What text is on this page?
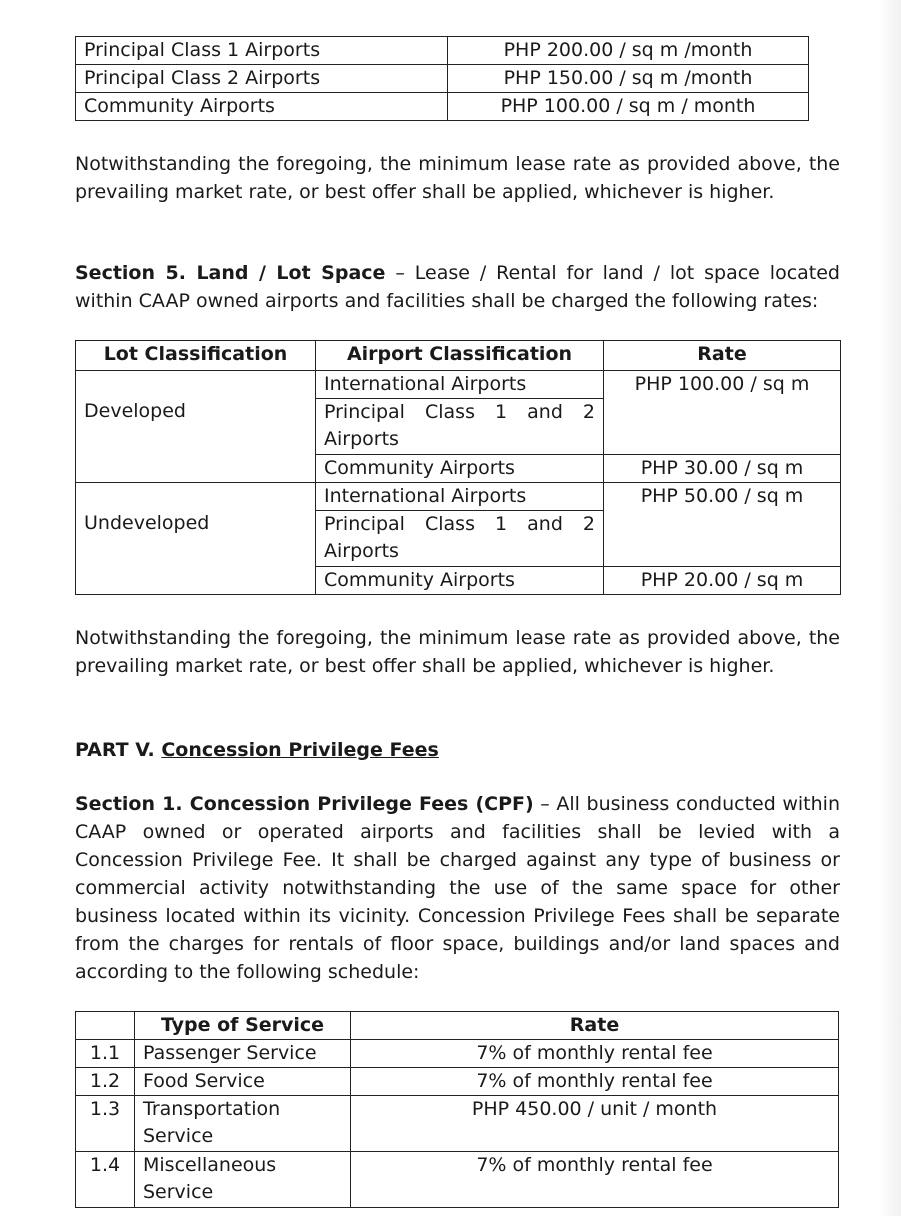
Principal Class 1 Airports	PHP 200.00 / sq m /month
Principal Class 2 Airports	PHP 150.00 / sq m /month
Community Airports	PHP 100.00 / sq m / month

Notwithstanding the foregoing, the minimum lease rate as provided above, the prevailing market rate, or best offer shall be applied, whichever is higher.

Section 5. Land / Lot Space – Lease / Rental for land / lot space located within CAAP owned airports and facilities shall be charged the following rates:

Lot Classification	Airport Classification	Rate
Developed	International Airports	PHP 100.00 / sq m
	Principal Class 1 and 2 Airports	
	Community Airports	PHP 30.00 / sq m
Undeveloped	International Airports	PHP 50.00 / sq m
	Principal Class 1 and 2 Airports	
	Community Airports	PHP 20.00 / sq m

Notwithstanding the foregoing, the minimum lease rate as provided above, the prevailing market rate, or best offer shall be applied, whichever is higher.

PART V. Concession Privilege Fees

Section 1. Concession Privilege Fees (CPF) – All business conducted within CAAP owned or operated airports and facilities shall be levied with a Concession Privilege Fee. It shall be charged against any type of business or commercial activity notwithstanding the use of the same space for other business located within its vicinity. Concession Privilege Fees shall be separate from the charges for rentals of floor space, buildings and/or land spaces and according to the following schedule:

	Type of Service	Rate
1.1	Passenger Service	7% of monthly rental fee
1.2	Food Service	7% of monthly rental fee
1.3	Transportation Service	PHP 450.00 / unit / month
1.4	Miscellaneous Service	7% of monthly rental fee
